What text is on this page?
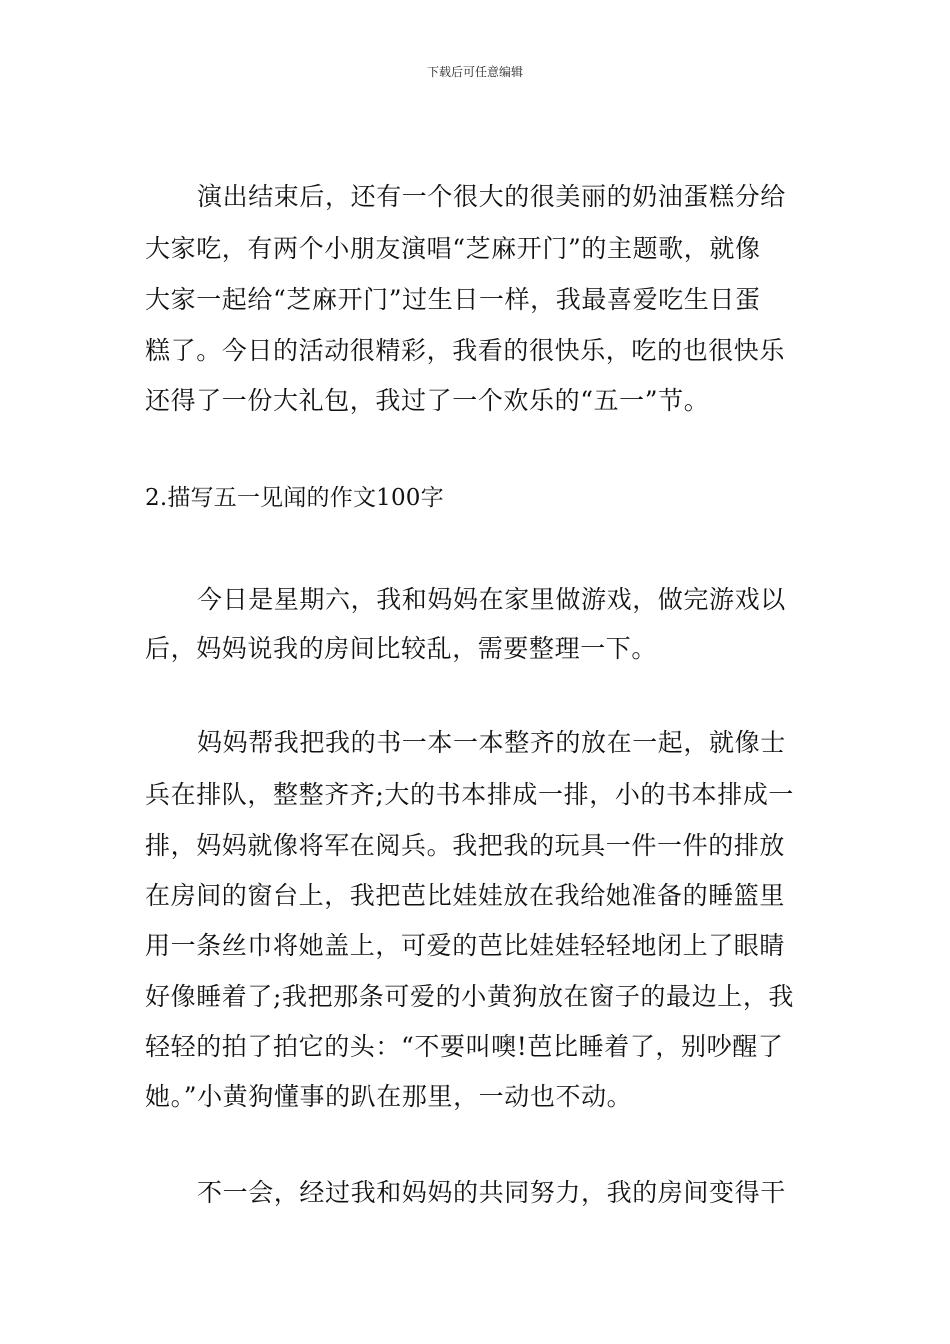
下载后可任意编辑
演出结束后，还有一个很大的很美丽的奶油蛋糕分给
大家吃，有两个小朋友演唱“芝麻开门”的主题歌，就像
大家一起给“芝麻开门”过生日一样，我最喜爱吃生日蛋
糕了。今日的活动很精彩，我看的很快乐，吃的也很快乐
还得了一份大礼包，我过了一个欢乐的“五一”节。
2.描写五一见闻的作文100字
今日是星期六，我和妈妈在家里做游戏，做完游戏以
后，妈妈说我的房间比较乱，需要整理一下。
妈妈帮我把我的书一本一本整齐的放在一起，就像士
兵在排队，整整齐齐;大的书本排成一排，小的书本排成一
排，妈妈就像将军在阅兵。我把我的玩具一件一件的排放
在房间的窗台上，我把芭比娃娃放在我给她准备的睡篮里
用一条丝巾将她盖上，可爱的芭比娃娃轻轻地闭上了眼睛
好像睡着了;我把那条可爱的小黄狗放在窗子的最边上，我
轻轻的拍了拍它的头：“不要叫噢!芭比睡着了，别吵醒了
她。”小黄狗懂事的趴在那里，一动也不动。
不一会，经过我和妈妈的共同努力，我的房间变得干
